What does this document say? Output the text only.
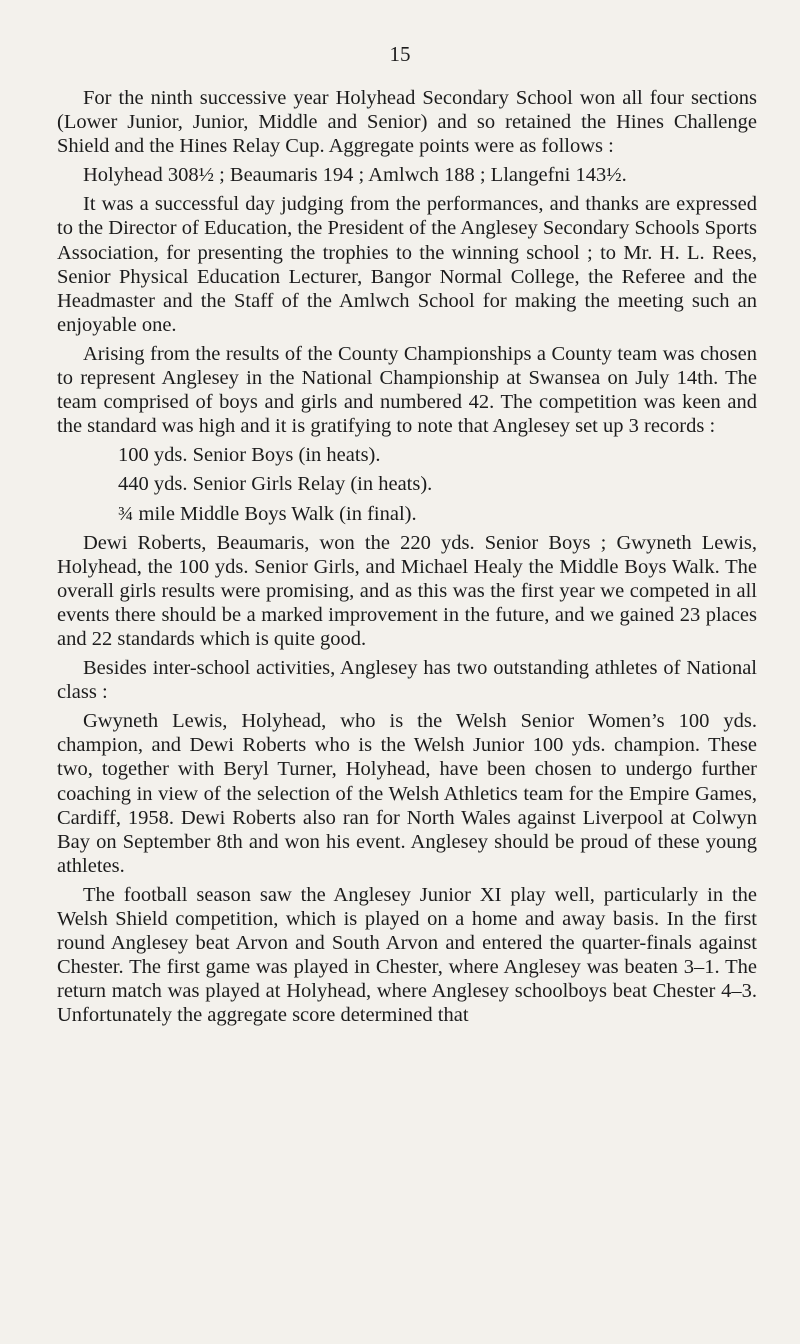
15

For the ninth successive year Holyhead Secondary School won all four sections (Lower Junior, Junior, Middle and Senior) and so retained the Hines Challenge Shield and the Hines Relay Cup. Aggregate points were as follows :

Holyhead 308½ ; Beaumaris 194 ; Amlwch 188 ; Llangefni 143½.

It was a successful day judging from the performances, and thanks are expressed to the Director of Education, the President of the Anglesey Secondary Schools Sports Association, for presenting the trophies to the winning school ; to Mr. H. L. Rees, Senior Physical Education Lecturer, Bangor Normal College, the Referee and the Headmaster and the Staff of the Amlwch School for making the meeting such an enjoyable one.

Arising from the results of the County Championships a County team was chosen to represent Anglesey in the National Championship at Swansea on July 14th. The team comprised of boys and girls and numbered 42. The competition was keen and the standard was high and it is gratifying to note that Anglesey set up 3 records :

100 yds. Senior Boys (in heats).
440 yds. Senior Girls Relay (in heats).
¾ mile Middle Boys Walk (in final).

Dewi Roberts, Beaumaris, won the 220 yds. Senior Boys ; Gwyneth Lewis, Holyhead, the 100 yds. Senior Girls, and Michael Healy the Middle Boys Walk. The overall girls results were promising, and as this was the first year we competed in all events there should be a marked improvement in the future, and we gained 23 places and 22 standards which is quite good.

Besides inter-school activities, Anglesey has two outstanding athletes of National class :

Gwyneth Lewis, Holyhead, who is the Welsh Senior Women’s 100 yds. champion, and Dewi Roberts who is the Welsh Junior 100 yds. champion. These two, together with Beryl Turner, Holyhead, have been chosen to undergo further coaching in view of the selection of the Welsh Athletics team for the Empire Games, Cardiff, 1958. Dewi Roberts also ran for North Wales against Liverpool at Colwyn Bay on September 8th and won his event. Anglesey should be proud of these young athletes.

The football season saw the Anglesey Junior XI play well, particularly in the Welsh Shield competition, which is played on a home and away basis. In the first round Anglesey beat Arvon and South Arvon and entered the quarter-finals against Chester. The first game was played in Chester, where Anglesey was beaten 3–1. The return match was played at Holyhead, where Anglesey schoolboys beat Chester 4–3. Unfortunately the aggregate score determined that
